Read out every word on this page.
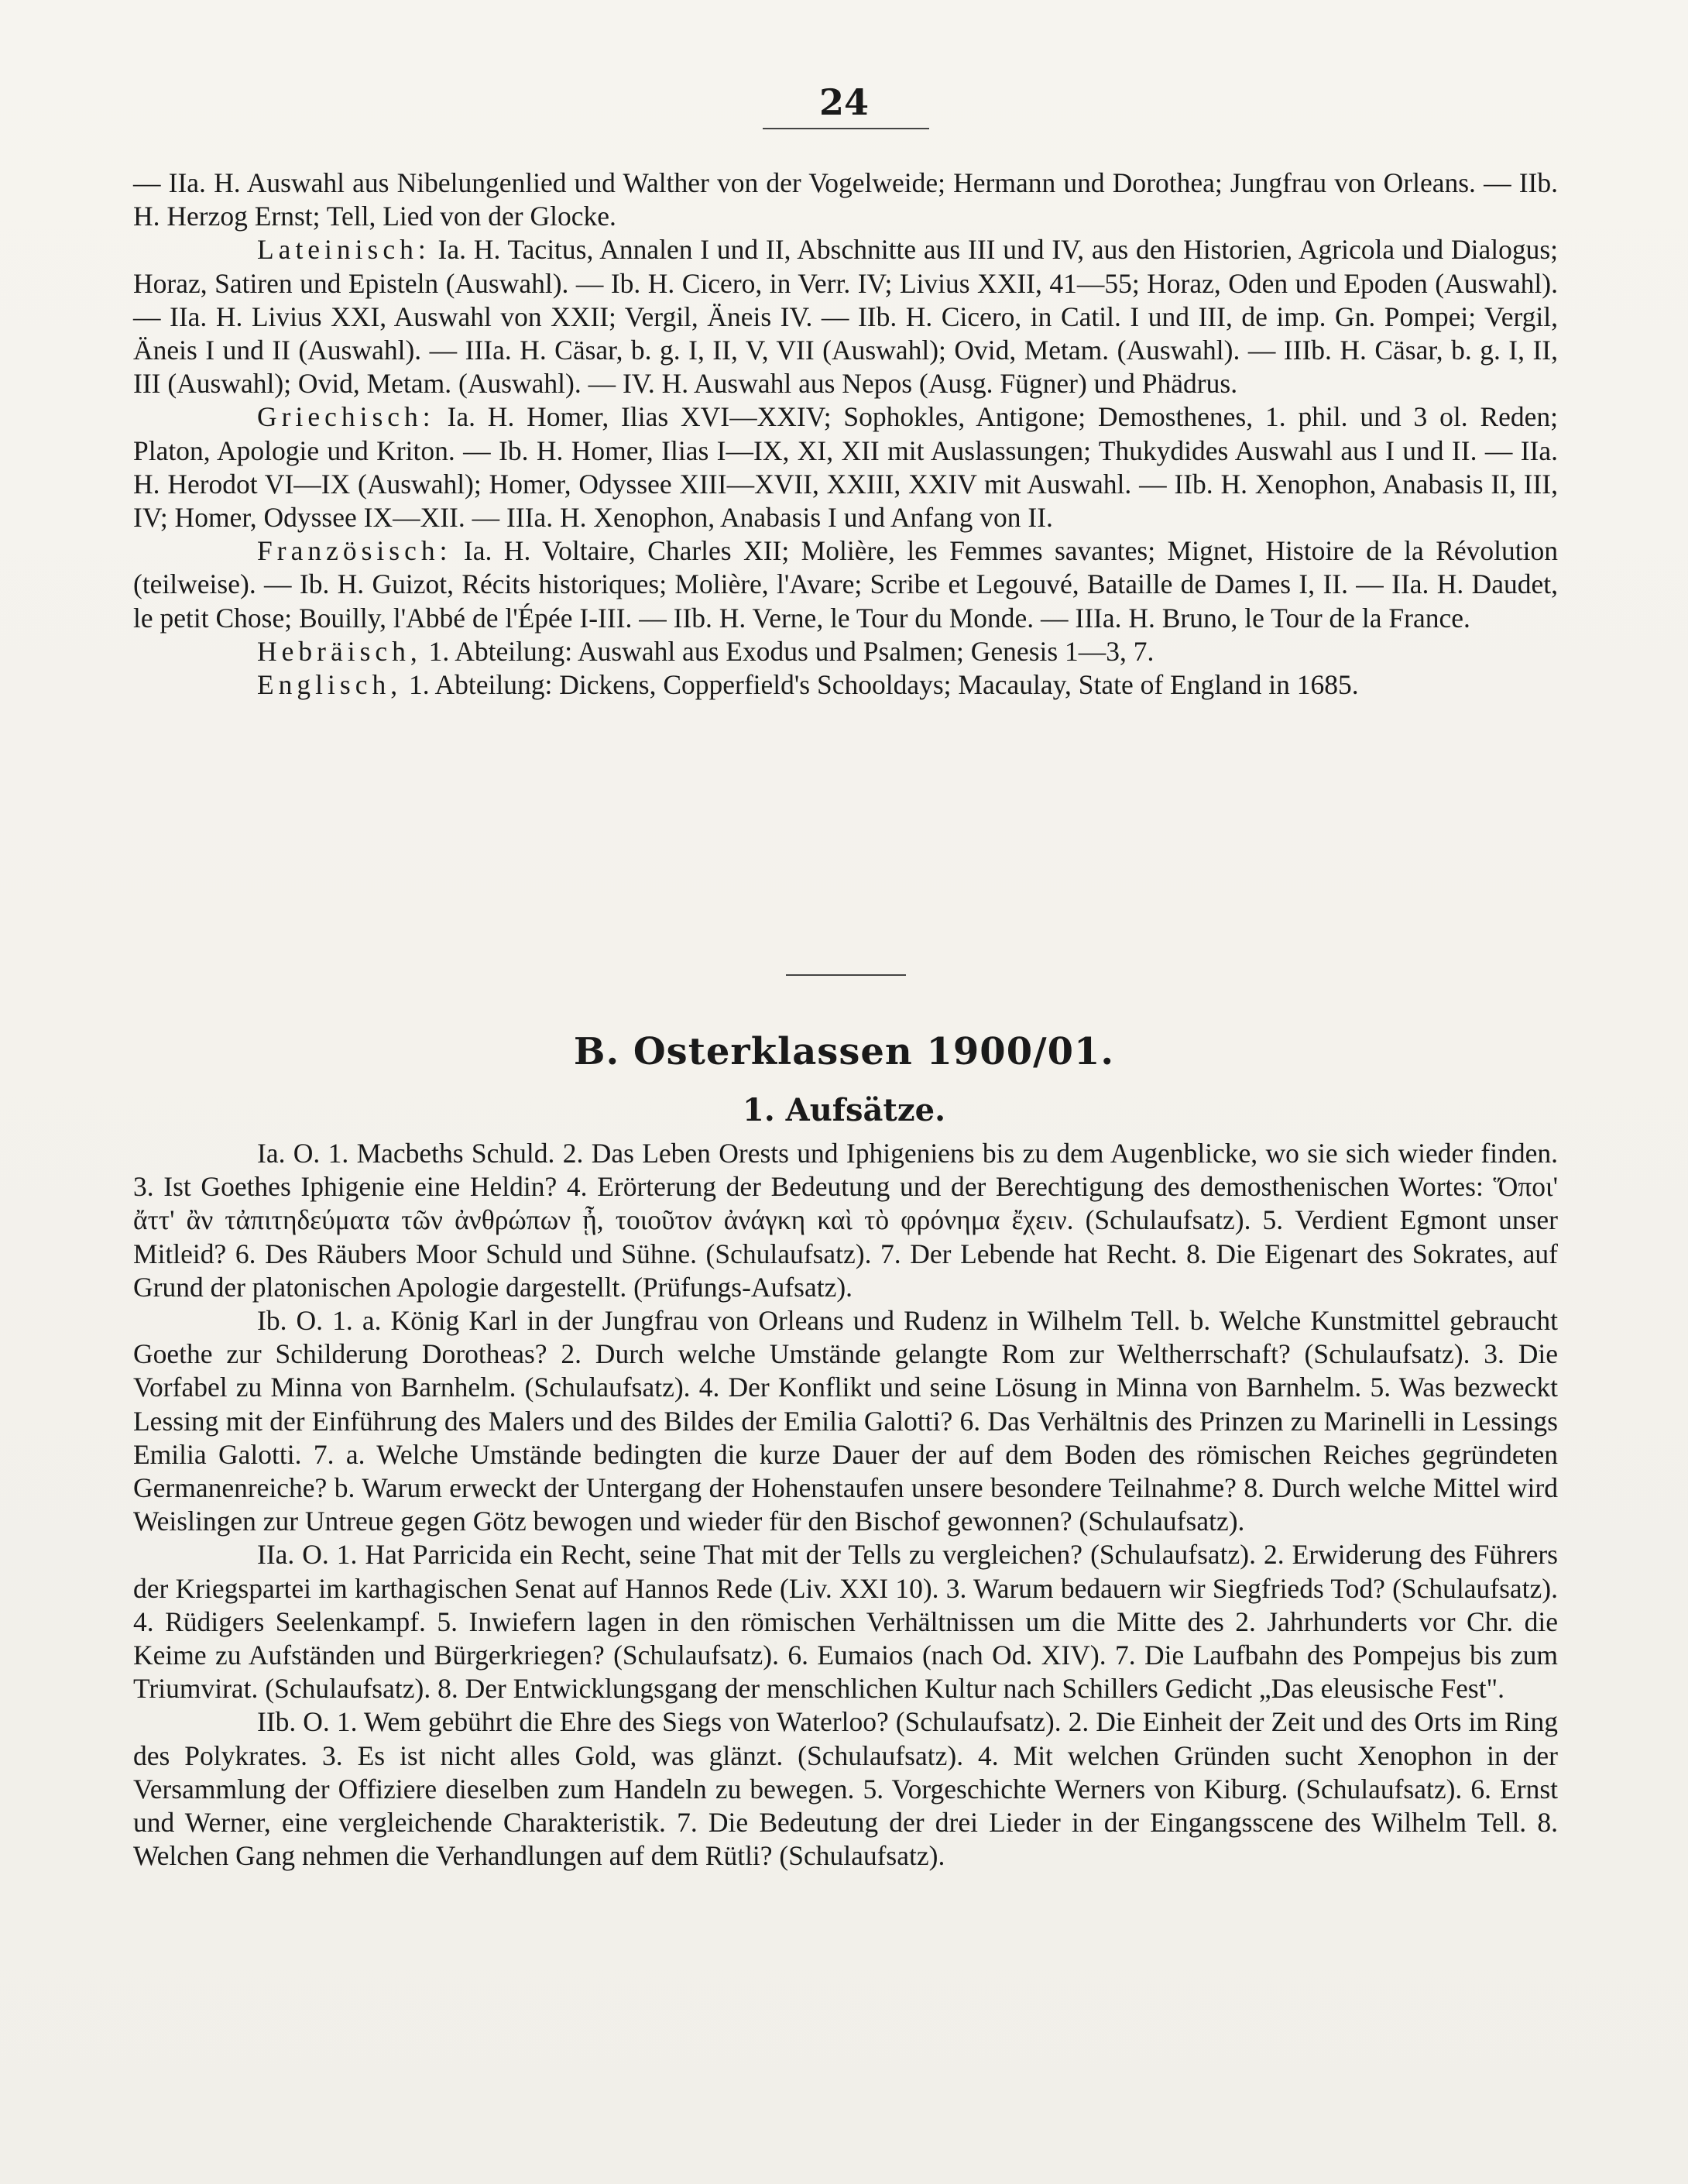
24

— IIa. H. Auswahl aus Nibelungenlied und Walther von der Vogelweide; Hermann und Dorothea; Jungfrau von Orleans. — IIb. H. Herzog Ernst; Tell, Lied von der Glocke.

Lateinisch: Ia. H. Tacitus, Annalen I und II, Abschnitte aus III und IV, aus den Historien, Agricola und Dialogus; Horaz, Satiren und Episteln (Auswahl). — Ib. H. Cicero, in Verr. IV; Livius XXII, 41—55; Horaz, Oden und Epoden (Auswahl). — IIa. H. Livius XXI, Auswahl von XXII; Vergil, Äneis IV. — IIb. H. Cicero, in Catil. I und III, de imp. Gn. Pompei; Vergil, Äneis I und II (Auswahl). — IIIa. H. Cäsar, b. g. I, II, V, VII (Auswahl); Ovid, Metam. (Auswahl). — IIIb. H. Cäsar, b. g. I, II, III (Auswahl); Ovid, Metam. (Auswahl). — IV. H. Auswahl aus Nepos (Ausg. Fügner) und Phädrus.

Griechisch: Ia. H. Homer, Ilias XVI—XXIV; Sophokles, Antigone; Demosthenes, 1. phil. und 3 ol. Reden; Platon, Apologie und Kriton. — Ib. H. Homer, Ilias I—IX, XI, XII mit Auslassungen; Thukydides Auswahl aus I und II. — IIa. H. Herodot VI—IX (Auswahl); Homer, Odyssee XIII—XVII, XXIII, XXIV mit Auswahl. — IIb. H. Xenophon, Anabasis II, III, IV; Homer, Odyssee IX—XII. — IIIa. H. Xenophon, Anabasis I und Anfang von II.

Französisch: Ia. H. Voltaire, Charles XII; Molière, les Femmes savantes; Mignet, Histoire de la Révolution (teilweise). — Ib. H. Guizot, Récits historiques; Molière, l'Avare; Scribe et Legouvé, Bataille de Dames I, II. — IIa. H. Daudet, le petit Chose; Bouilly, l'Abbé de l'Épée I-III. — IIb. H. Verne, le Tour du Monde. — IIIa. H. Bruno, le Tour de la France.

Hebräisch, 1. Abteilung: Auswahl aus Exodus und Psalmen; Genesis 1—3, 7.

Englisch, 1. Abteilung: Dickens, Copperfield's Schooldays; Macaulay, State of England in 1685.

B. Osterklassen 1900/01.
1. Aufsätze.

Ia. O. 1. Macbeths Schuld. 2. Das Leben Orests und Iphigeniens bis zu dem Augenblicke, wo sie sich wieder finden. 3. Ist Goethes Iphigenie eine Heldin? 4. Erörterung der Bedeutung und der Berechtigung des demosthenischen Wortes: Ὅποι' ἄττ' ἂν τἀπιτηδεύματα τῶν ἀνθρώπων ᾖ, τοιοῦτον ἀνάγκη καὶ τὸ φρόνημα ἔχειν. (Schulaufsatz). 5. Verdient Egmont unser Mitleid? 6. Des Räubers Moor Schuld und Sühne. (Schulaufsatz). 7. Der Lebende hat Recht. 8. Die Eigenart des Sokrates, auf Grund der platonischen Apologie dargestellt. (Prüfungs-Aufsatz).

Ib. O. 1. a. König Karl in der Jungfrau von Orleans und Rudenz in Wilhelm Tell. b. Welche Kunstmittel gebraucht Goethe zur Schilderung Dorotheas? 2. Durch welche Umstände gelangte Rom zur Weltherrschaft? (Schulaufsatz). 3. Die Vorfabel zu Minna von Barnhelm. (Schulaufsatz). 4. Der Konflikt und seine Lösung in Minna von Barnhelm. 5. Was bezweckt Lessing mit der Einführung des Malers und des Bildes der Emilia Galotti? 6. Das Verhältnis des Prinzen zu Marinelli in Lessings Emilia Galotti. 7. a. Welche Umstände bedingten die kurze Dauer der auf dem Boden des römischen Reiches gegründeten Germanenreiche? b. Warum erweckt der Untergang der Hohenstaufen unsere besondere Teilnahme? 8. Durch welche Mittel wird Weislingen zur Untreue gegen Götz bewogen und wieder für den Bischof gewonnen? (Schulaufsatz).

IIa. O. 1. Hat Parricida ein Recht, seine That mit der Tells zu vergleichen? (Schulaufsatz). 2. Erwiderung des Führers der Kriegspartei im karthagischen Senat auf Hannos Rede (Liv. XXI 10). 3. Warum bedauern wir Siegfrieds Tod? (Schulaufsatz). 4. Rüdigers Seelenkampf. 5. Inwiefern lagen in den römischen Verhältnissen um die Mitte des 2. Jahrhunderts vor Chr. die Keime zu Aufständen und Bürgerkriegen? (Schulaufsatz). 6. Eumaios (nach Od. XIV). 7. Die Laufbahn des Pompejus bis zum Triumvirat. (Schulaufsatz). 8. Der Entwicklungsgang der menschlichen Kultur nach Schillers Gedicht „Das eleusische Fest".

IIb. O. 1. Wem gebührt die Ehre des Siegs von Waterloo? (Schulaufsatz). 2. Die Einheit der Zeit und des Orts im Ring des Polykrates. 3. Es ist nicht alles Gold, was glänzt. (Schulaufsatz). 4. Mit welchen Gründen sucht Xenophon in der Versammlung der Offiziere dieselben zum Handeln zu bewegen. 5. Vorgeschichte Werners von Kiburg. (Schulaufsatz). 6. Ernst und Werner, eine vergleichende Charakteristik. 7. Die Bedeutung der drei Lieder in der Eingangsscene des Wilhelm Tell. 8. Welchen Gang nehmen die Verhandlungen auf dem Rütli? (Schulaufsatz).
